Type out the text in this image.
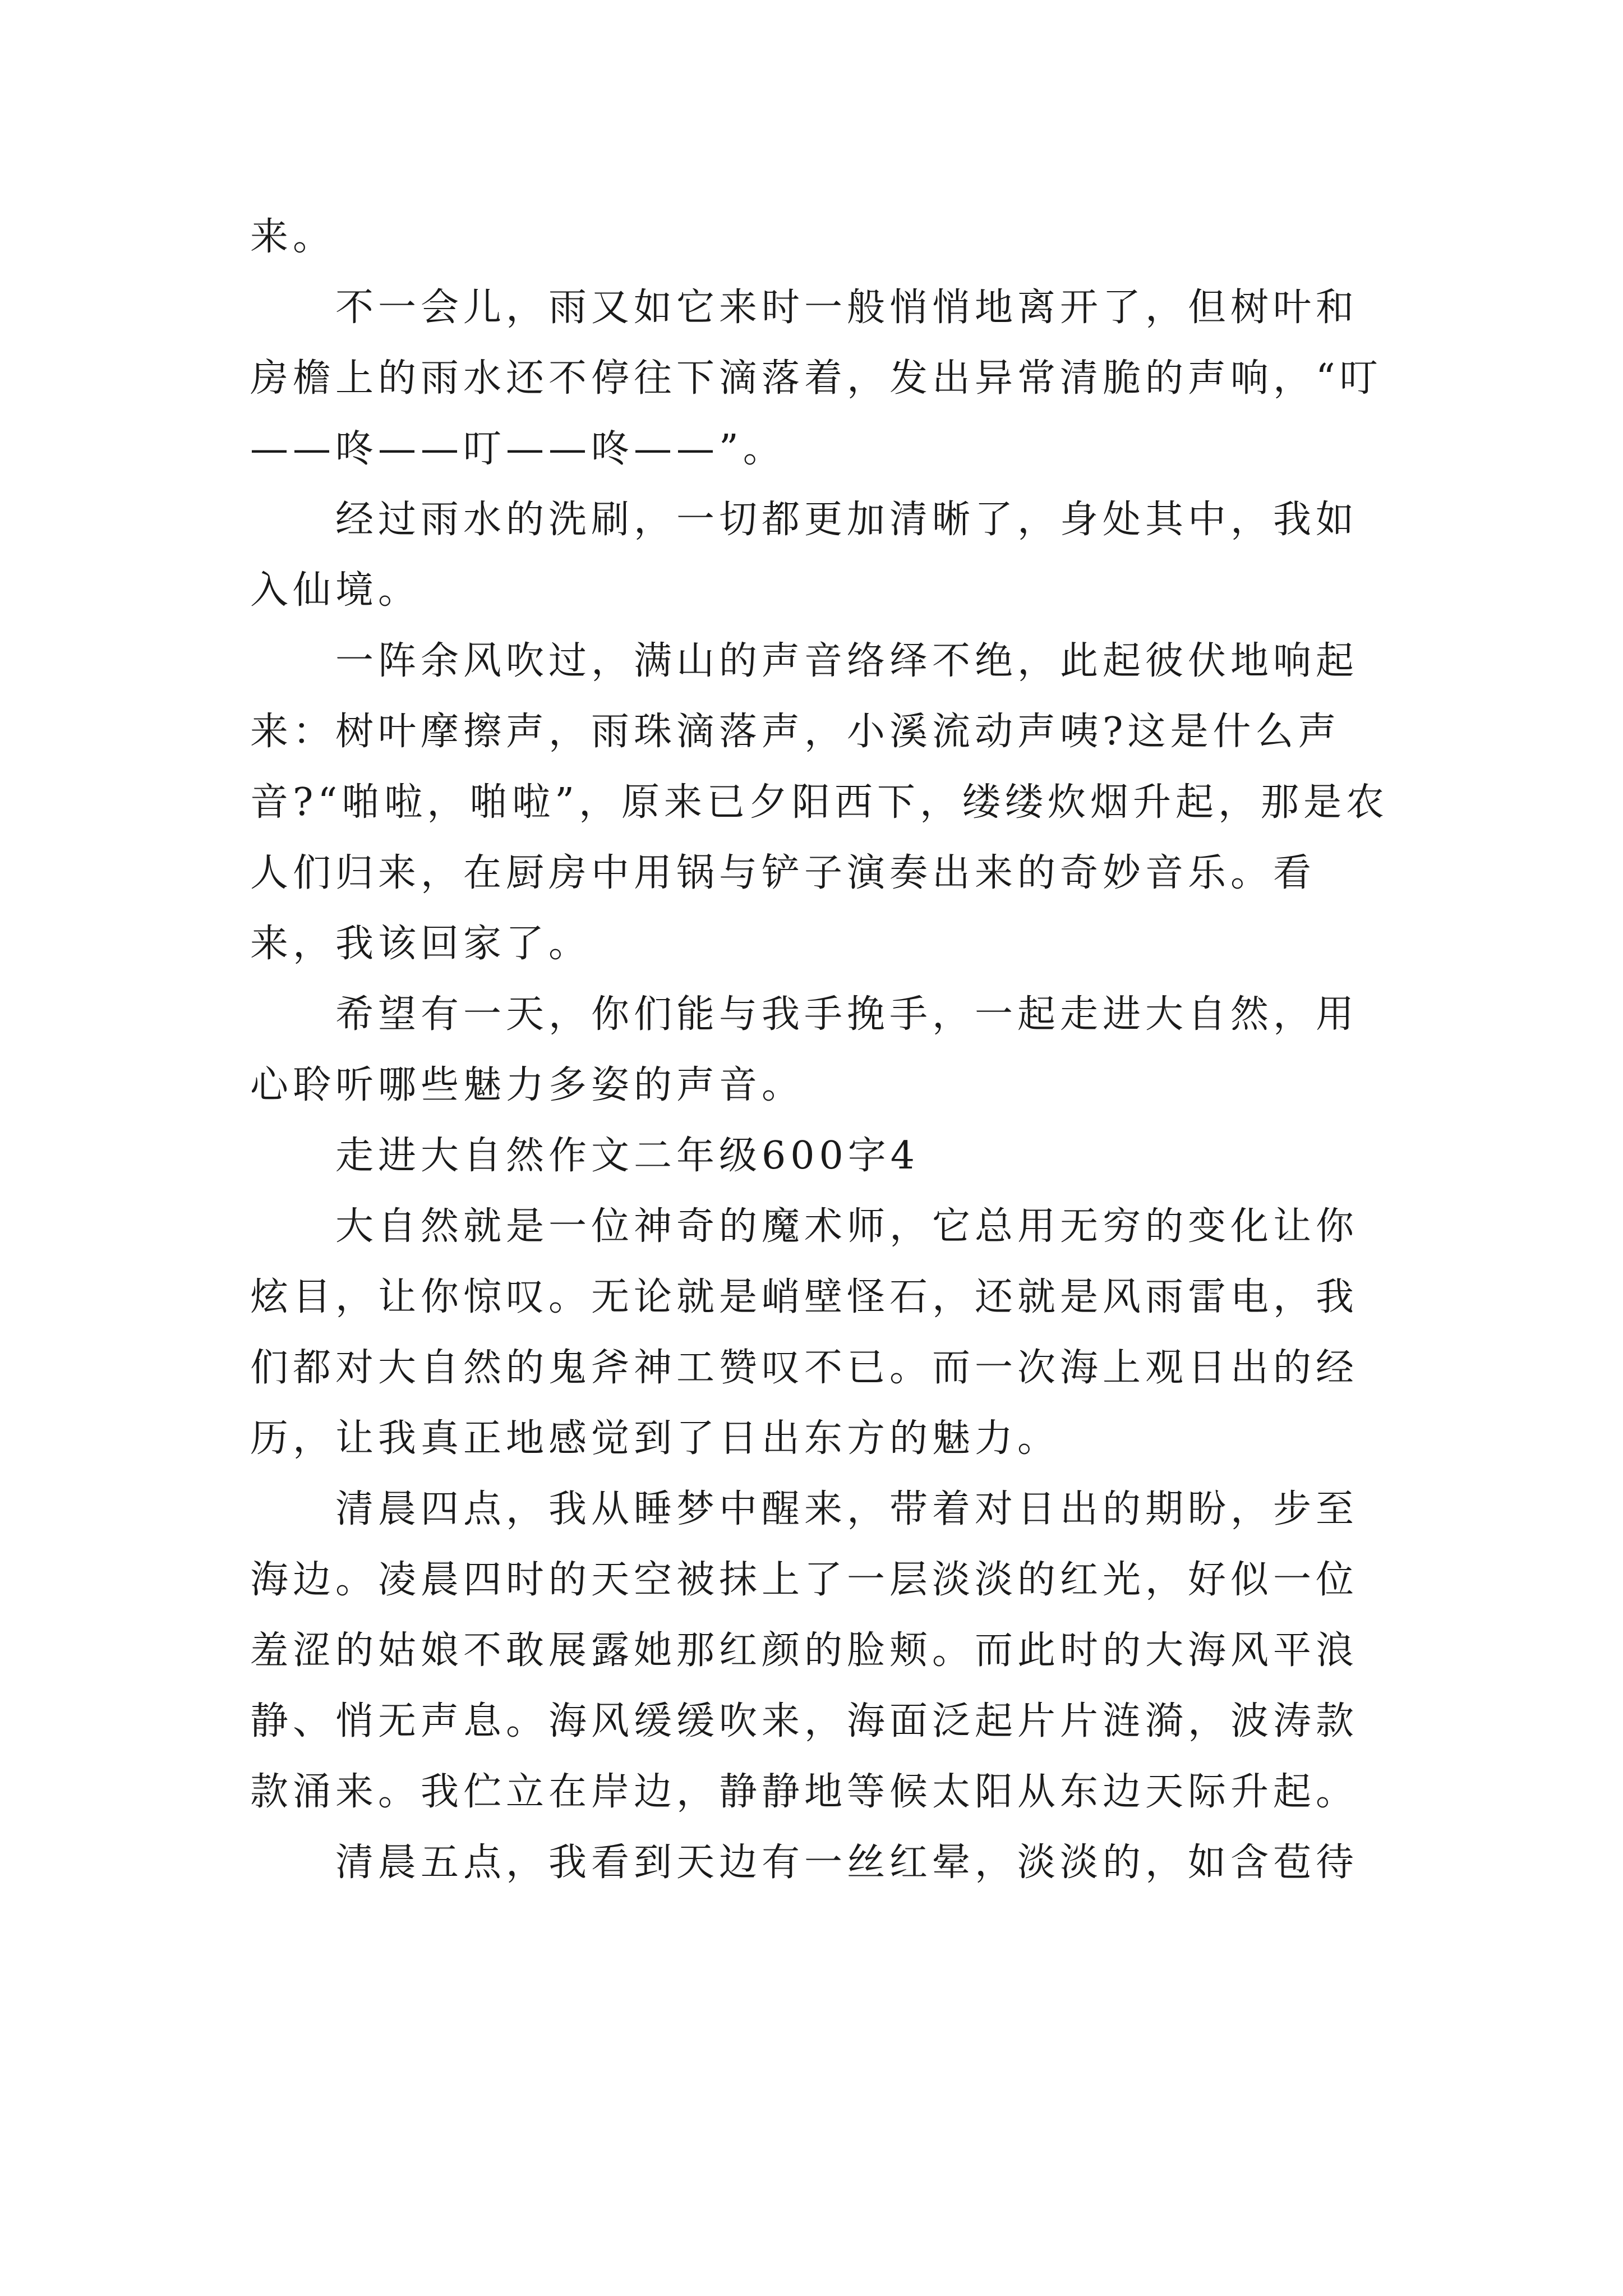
来。

不一会儿，雨又如它来时一般悄悄地离开了，但树叶和房檐上的雨水还不停往下滴落着，发出异常清脆的声响，“叮——咚——叮——咚——”。

经过雨水的洗刷，一切都更加清晰了，身处其中，我如入仙境。

一阵余风吹过，满山的声音络绎不绝，此起彼伏地响起来：树叶摩擦声，雨珠滴落声，小溪流动声咦?这是什么声音?“啪啦，啪啦”，原来已夕阳西下，缕缕炊烟升起，那是农人们归来，在厨房中用锅与铲子演奏出来的奇妙音乐。看来，我该回家了。

希望有一天，你们能与我手挽手，一起走进大自然，用心聆听哪些魅力多姿的声音。

走进大自然作文二年级600字4

大自然就是一位神奇的魔术师，它总用无穷的变化让你炫目，让你惊叹。无论就是峭壁怪石，还就是风雨雷电，我们都对大自然的鬼斧神工赞叹不已。而一次海上观日出的经历，让我真正地感觉到了日出东方的魅力。

清晨四点，我从睡梦中醒来，带着对日出的期盼，步至海边。凌晨四时的天空被抹上了一层淡淡的红光，好似一位羞涩的姑娘不敢展露她那红颜的脸颊。而此时的大海风平浪静、悄无声息。海风缓缓吹来，海面泛起片片涟漪，波涛款款涌来。我伫立在岸边，静静地等候太阳从东边天际升起。

清晨五点，我看到天边有一丝红晕，淡淡的，如含苞待
